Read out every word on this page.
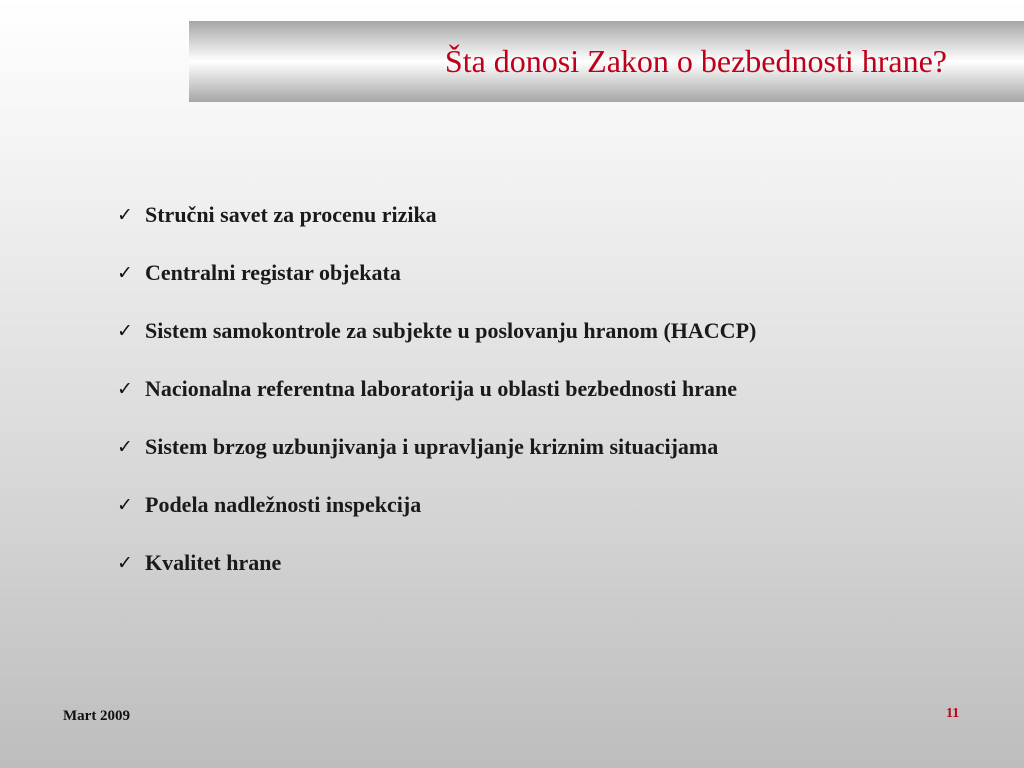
Šta donosi Zakon o bezbednosti hrane?
✓ Stručni savet za procenu rizika
✓ Centralni registar objekata
✓ Sistem samokontrole za subjekte u poslovanju hranom (HACCP)
✓ Nacionalna referentna laboratorija u oblasti bezbednosti hrane
✓ Sistem brzog uzbunjivanja i upravljanje kriznim situacijama
✓ Podela nadležnosti inspekcija
✓ Kvalitet hrane
Mart 2009	11
